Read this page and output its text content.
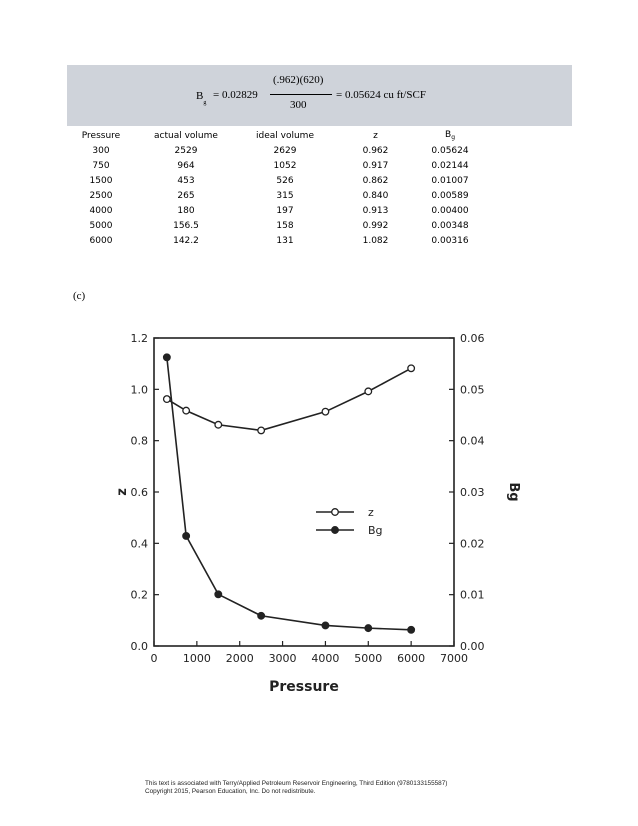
$B_g$
= 0.02829
(.962)(620)
300
= 0.05624 cu ft/SCF
Pressure	actual volume	ideal volume	z	$B_g$
300	2529	2629	0.962	0.05624
750	964	1052	0.917	0.02144
1500	453	526	0.862	0.01007
2500	265	315	0.840	0.00589
4000	180	197	0.913	0.00400
5000	156.5	158	0.992	0.00348
6000	142.2	131	1.082	0.00316
(c)
0 1000 2000 3000 4000 5000 6000 7000
0.0
0.2
0.4
0.6
0.8
1.0
1.2
0.00
0.01
0.02
0.03
0.04
0.05
0.06
Pressure
z	Bg
z
Bg
This text is associated with Terry/Applied Petroleum Reservoir Engineering, Third Edition (9780133155587)
Copyright 2015, Pearson Education, Inc. Do not redistribute.
